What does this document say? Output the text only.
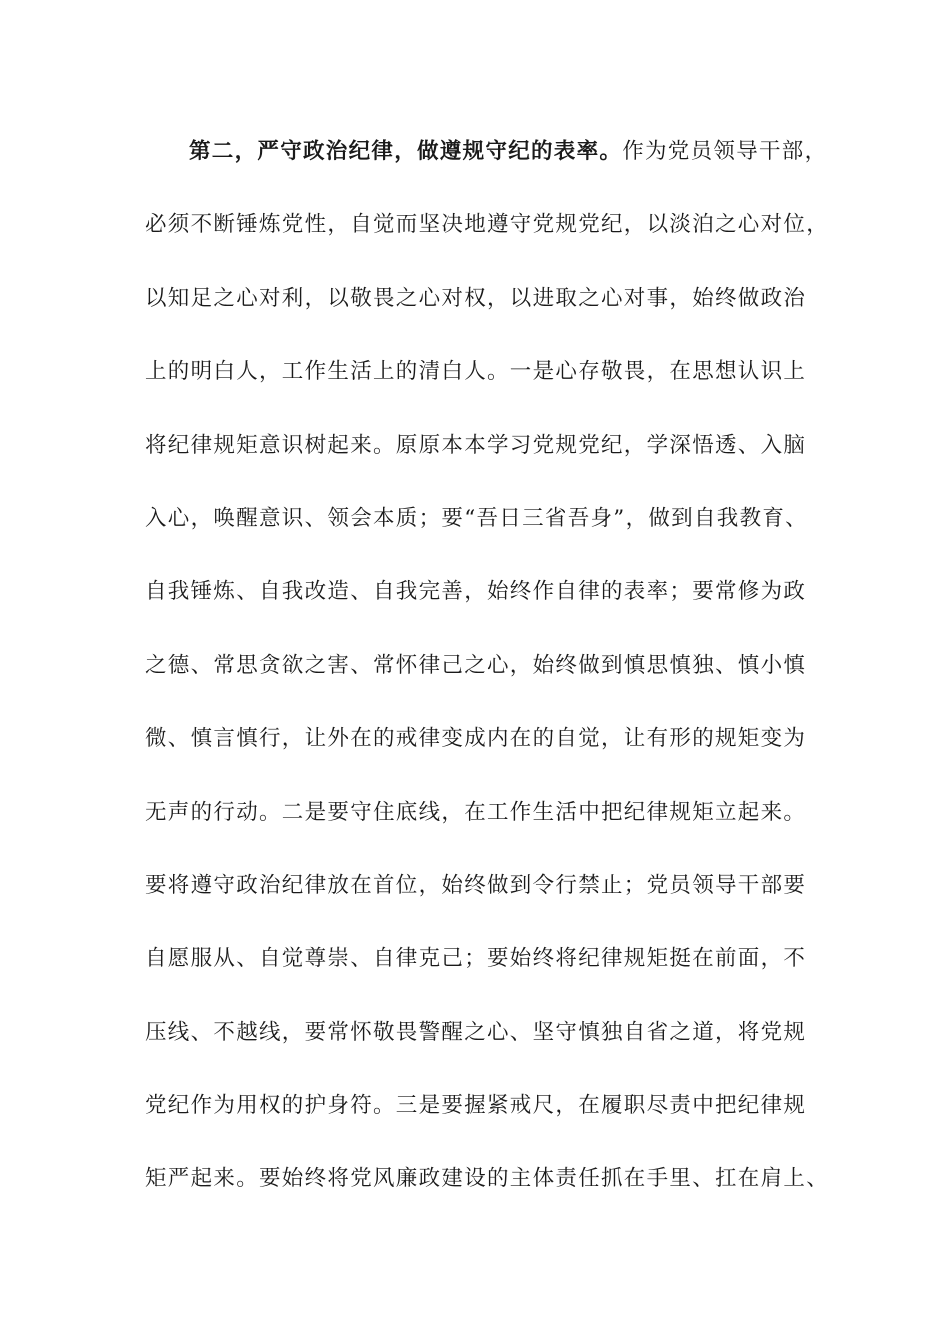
第二，严守政治纪律，做遵规守纪的表率。作为党员领导干部，
必须不断锤炼党性，自觉而坚决地遵守党规党纪，以淡泊之心对位，
以知足之心对利，以敬畏之心对权，以进取之心对事，始终做政治
上的明白人，工作生活上的清白人。一是心存敬畏，在思想认识上
将纪律规矩意识树起来。原原本本学习党规党纪，学深悟透、入脑
入心，唤醒意识、领会本质；要“吾日三省吾身”，做到自我教育、
自我锤炼、自我改造、自我完善，始终作自律的表率；要常修为政
之德、常思贪欲之害、常怀律己之心，始终做到慎思慎独、慎小慎
微、慎言慎行，让外在的戒律变成内在的自觉，让有形的规矩变为
无声的行动。二是要守住底线，在工作生活中把纪律规矩立起来。
要将遵守政治纪律放在首位，始终做到令行禁止；党员领导干部要
自愿服从、自觉尊崇、自律克己；要始终将纪律规矩挺在前面，不
压线、不越线，要常怀敬畏警醒之心、坚守慎独自省之道，将党规
党纪作为用权的护身符。三是要握紧戒尺，在履职尽责中把纪律规
矩严起来。要始终将党风廉政建设的主体责任抓在手里、扛在肩上、
